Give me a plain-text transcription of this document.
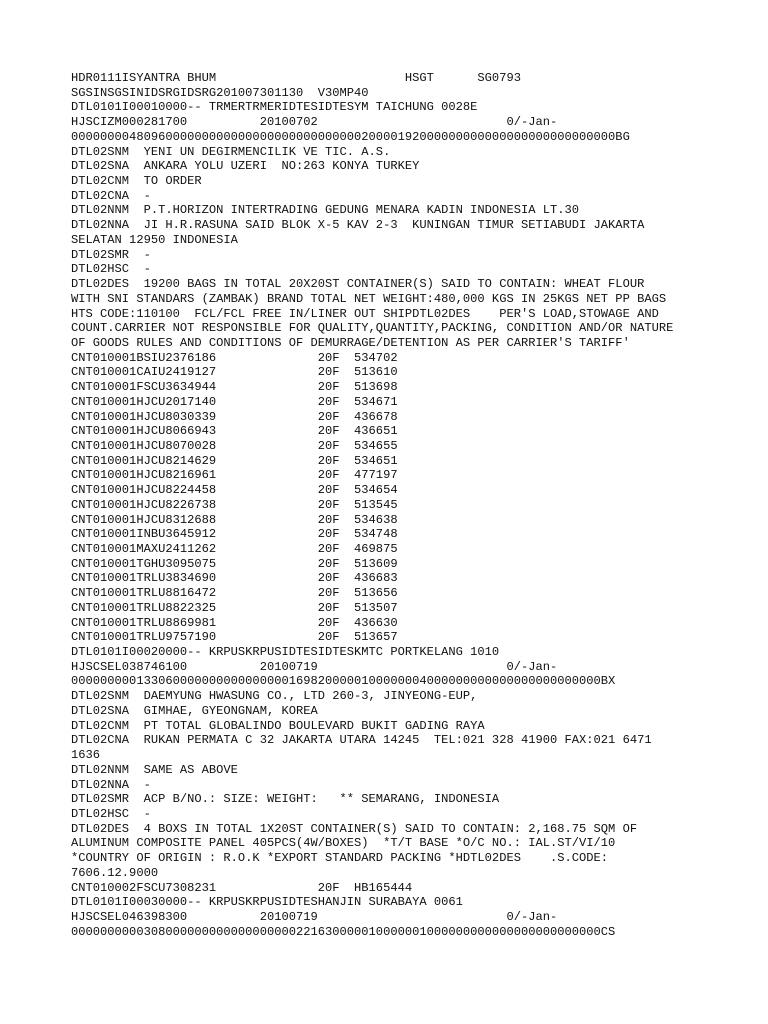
HDR0111ISYANTRA BHUM                          HSGT      SG0793
SGSINSGSINIDSRGIDSRG201007301130  V30MP40
DTL0101I00010000-- TRMERTRMERIDTESIDTESYM TAICHUNG 0028E
HJSCIZM000281700          20100702                          0/-Jan-
000000004809600000000000000000000000000020000192000000000000000000000000000BG
DTL02SNM  YENI UN DEGIRMENCILIK VE TIC. A.S.
DTL02SNA  ANKARA YOLU UZERI  NO:263 KONYA TURKEY
DTL02CNM  TO ORDER
DTL02CNA  -
DTL02NNM  P.T.HORIZON INTERTRADING GEDUNG MENARA KADIN INDONESIA LT.30
DTL02NNA  JI H.R.RASUNA SAID BLOK X-5 KAV 2-3  KUNINGAN TIMUR SETIABUDI JAKARTA
SELATAN 12950 INDONESIA
DTL02SMR  -
DTL02HSC  -
DTL02DES  19200 BAGS IN TOTAL 20X20ST CONTAINER(S) SAID TO CONTAIN: WHEAT FLOUR
WITH SNI STANDARS (ZAMBAK) BRAND TOTAL NET WEIGHT:480,000 KGS IN 25KGS NET PP BAGS
HTS CODE:110100  FCL/FCL FREE IN/LINER OUT SHIPDTL02DES    PER'S LOAD,STOWAGE AND
COUNT.CARRIER NOT RESPONSIBLE FOR QUALITY,QUANTITY,PACKING, CONDITION AND/OR NATURE
OF GOODS RULES AND CONDITIONS OF DEMURRAGE/DETENTION AS PER CARRIER'S TARIFF'
CNT010001BSIU2376186              20F  534702
CNT010001CAIU2419127              20F  513610
CNT010001FSCU3634944              20F  513698
CNT010001HJCU2017140              20F  534671
CNT010001HJCU8030339              20F  436678
CNT010001HJCU8066943              20F  436651
CNT010001HJCU8070028              20F  534655
CNT010001HJCU8214629              20F  534651
CNT010001HJCU8216961              20F  477197
CNT010001HJCU8224458              20F  534654
CNT010001HJCU8226738              20F  513545
CNT010001HJCU8312688              20F  534638
CNT010001INBU3645912              20F  534748
CNT010001MAXU2411262              20F  469875
CNT010001TGHU3095075              20F  513609
CNT010001TRLU3834690              20F  436683
CNT010001TRLU8816472              20F  513656
CNT010001TRLU8822325              20F  513507
CNT010001TRLU8869981              20F  436630
CNT010001TRLU9757190              20F  513657
DTL0101I00020000-- KRPUSKRPUSIDTESIDTESKMTC PORTKELANG 1010
HJSCSEL038746100          20100719                          0/-Jan-
0000000001330600000000000000001698200000100000004000000000000000000000000BX
DTL02SNM  DAEMYUNG HWASUNG CO., LTD 260-3, JINYEONG-EUP,
DTL02SNA  GIMHAE, GYEONGNAM, KOREA
DTL02CNM  PT TOTAL GLOBALINDO BOULEVARD BUKIT GADING RAYA
DTL02CNA  RUKAN PERMATA C 32 JAKARTA UTARA 14245  TEL:021 328 41900 FAX:021 6471
1636
DTL02NNM  SAME AS ABOVE
DTL02NNA  -
DTL02SMR  ACP B/NO.: SIZE: WEIGHT:   ** SEMARANG, INDONESIA
DTL02HSC  -
DTL02DES  4 BOXS IN TOTAL 1X20ST CONTAINER(S) SAID TO CONTAIN: 2,168.75 SQM OF
ALUMINUM COMPOSITE PANEL 405PCS(4W/BOXES)  *T/T BASE *O/C NO.: IAL.ST/VI/10
*COUNTRY OF ORIGIN : R.O.K *EXPORT STANDARD PACKING *HDTL02DES    .S.CODE:
7606.12.9000
CNT010002FSCU7308231              20F  HB165444
DTL0101I00030000-- KRPUSKRPUSIDTESHANJIN SURABAYA 0061
HJSCSEL046398300          20100719                          0/-Jan-
0000000000308000000000000000000221630000010000001000000000000000000000000CS
